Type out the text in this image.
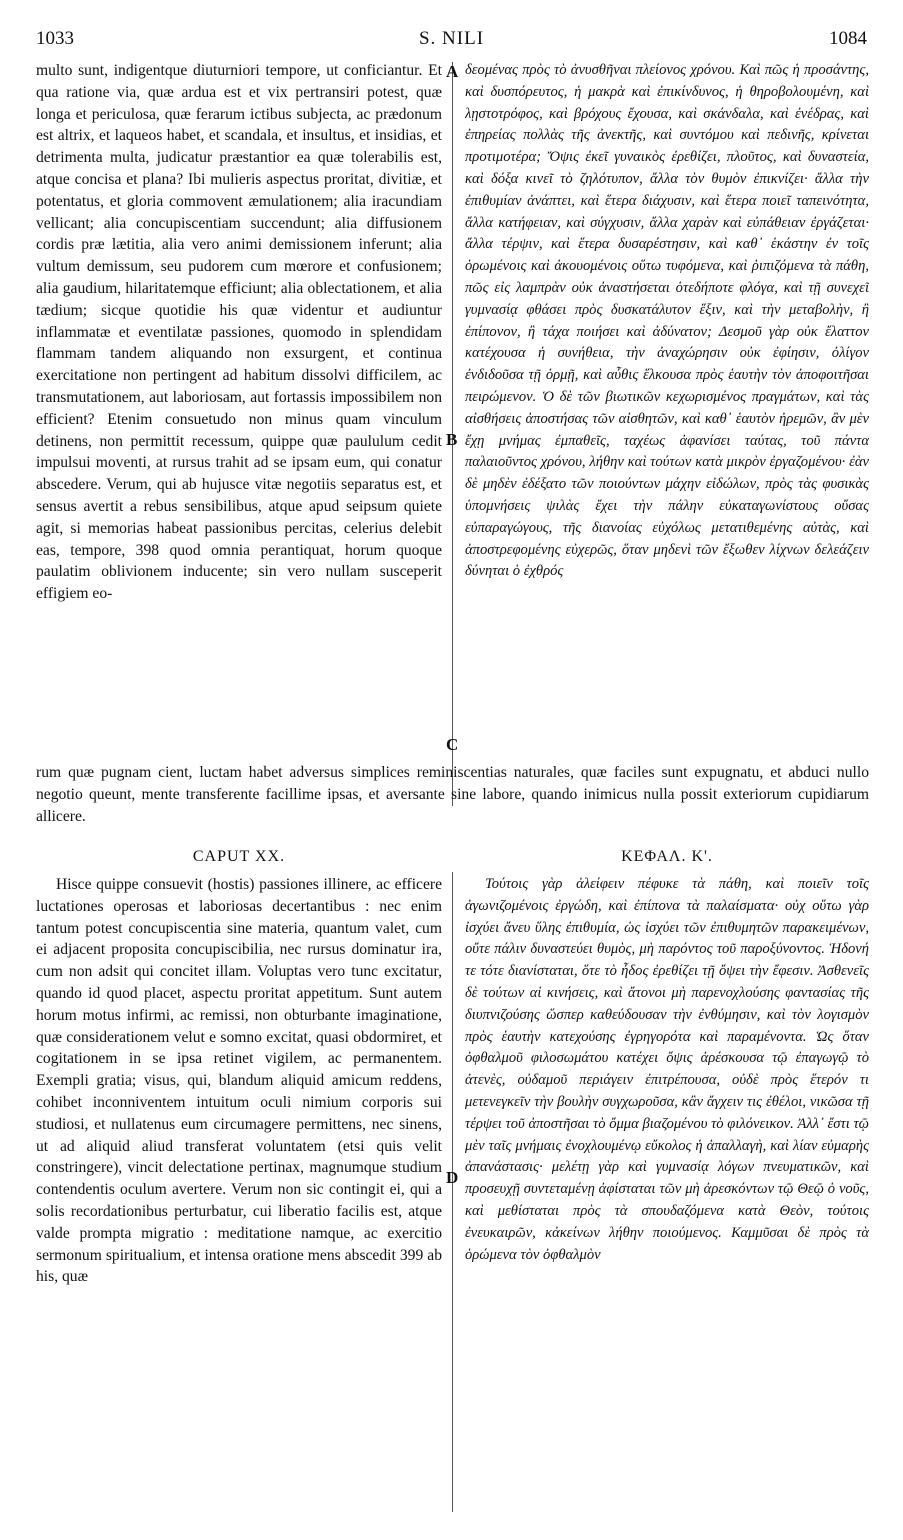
1033	S. NILI	1084
multo sunt, indigentque diuturniori tempore, ut conficiantur. Et qua ratione via, quæ ardua est et vix pertransiri potest, quæ longa et periculosa, quæ ferarum ictibus subjecta, ac prædonum est altrix, et laqueos habet, et scandala, et insultus, et insidias, et detrimenta multa, judicatur præstantior ea quæ tolerabilis est, atque concisa et plana? Ibi mulieris aspectus proritat, divitiæ, et potentatus, et gloria commovent æmulationem; alia iracundiam vellicant; alia concupiscentiam succendunt; alia diffusionem cordis præ lætitia, alia vero animi demissionem inferunt; alia vultum demissum, seu pudorem cum mœrore et confusionem; alia gaudium, hilaritatemque efficiunt; alia oblectationem, et alia tædium; sicque quotidie his quæ videntur et audiuntur inflammatæ et eventilatæ passiones, quomodo in splendidam flammam tandem aliquando non exsurgent, et continua exercitatione non pertingent ad habitum dissolvi difficilem, ac transmutationem, aut laboriosam, aut fortassis impossibilem non efficient? Etenim consuetudo non minus quam vinculum detinens, non permittit recessum, quippe quæ paululum cedit impulsui moventi, at rursus trahit ad se ipsam eum, qui conatur abscedere. Verum, qui ab hujusce vitæ negotiis separatus est, et sensus avertit a rebus sensibilibus, atque apud seipsum quiete agit, si memorias habeat passionibus percitas, celerius delebit eas, tempore, 398 quod omnia perantiquat, horum quoque paulatim oblivionem inducente; sin vero nullam susceperit effigiem eo-
δεομένας πρὸς τὸ ἀνυσθῆναι πλείονος χρόνου. Καὶ πῶς ἡ προσάντης, καὶ δυσπόρευτος, ἡ μακρὰ καὶ ἐπικίνδυνος, ἡ θηροβολουμένη, καὶ λῃστοτρόφος, καὶ βρόχους ἔχουσα, καὶ σκάνδαλα, καὶ ἐνέδρας, καὶ ἐπηρείας πολλὰς τῆς ἀνεκτῆς, καὶ συντόμου καὶ πεδινῆς, κρίνεται προτιμοτέρα; Ὄψις ἐκεῖ γυναικὸς ἐρεθίζει, πλοῦτος, καὶ δυναστεία, καὶ δόξα κινεῖ τὸ ζηλότυπον, ἄλλα τὸν θυμὸν ἐπικνίζει· ἄλλα τὴν ἐπιθυμίαν ἀνάπτει, καὶ ἕτερα διάχυσιν, καὶ ἕτερα ποιεῖ ταπεινότητα, ἄλλα κατήφειαν, καὶ σύγχυσιν, ἄλλα χαρὰν καὶ εὐπάθειαν ἐργάζεται· ἄλλα τέρψιν, καὶ ἕτερα δυσαρέστησιν, καὶ καθ᾽ ἑκάστην ἐν τοῖς ὁρωμένοις καὶ ἀκουομένοις οὕτω τυφόμενα, καὶ ῥιπιζόμενα τὰ πάθη, πῶς εἰς λαμπρὰν οὐκ ἀναστήσεται ὁτεδήποτε φλόγα, καὶ τῇ συνεχεῖ γυμνασίᾳ φθάσει πρὸς δυσκατάλυτον ἕξιν, καὶ τὴν μεταβολὴν, ἢ ἐπίπονον, ἢ τάχα ποιήσει καὶ ἀδύνατον; Δεσμοῦ γὰρ οὐκ ἔλαττον κατέχουσα ἡ συνήθεια, τὴν ἀναχώρησιν οὐκ ἐφίησιν, ὀλίγον ἐνδιδοῦσα τῇ ὁρμῇ, καὶ αὖθις ἕλκουσα πρὸς ἑαυτὴν τὸν ἀποφοιτῆσαι πειρώμενον. Ὁ δὲ τῶν βιωτικῶν κεχωρισμένος πραγμάτων, καὶ τὰς αἰσθήσεις ἀποστήσας τῶν αἰσθητῶν, καὶ καθ᾽ ἑαυτὸν ἠρεμῶν, ἂν μὲν ἔχῃ μνήμας ἐμπαθεῖς, ταχέως ἀφανίσει ταύτας, τοῦ πάντα παλαιοῦντος χρόνου, λήθην καὶ τούτων κατὰ μικρὸν ἐργαζομένου· ἐὰν δὲ μηδὲν ἐδέξατο τῶν ποιούντων μάχην εἰδώλων, πρὸς τὰς φυσικὰς ὑπομνήσεις ψιλὰς ἔχει τὴν πάλην εὐκαταγωνίστους οὔσας εὐπαραγώγους, τῆς διανοίας εὐχόλως μετατιθεμένης αὐτὰς, καὶ ἀποστρεφομένης εὐχερῶς, ὅταν μηδενὶ τῶν ἔξωθεν λίχνων δελεάζειν δύνηται ὁ ἐχθρός
A
B
C
rum quæ pugnam cient, luctam habet adversus simplices reminiscentias naturales, quæ faciles sunt expugnatu, et abduci nullo negotio queunt, mente transferente facillime ipsas, et aversante sine labore, quando inimicus nulla possit exteriorum cupidiarum allicere.
CAPUT XX.	ΚΕΦΑΛ. Κ'.
Hisce quippe consuevit (hostis) passiones illinere, ac efficere luctationes operosas et laboriosas decertantibus : nec enim tantum potest concupiscentia sine materia, quantum valet, cum ei adjacent proposita concupiscibilia, nec rursus dominatur ira, cum non adsit qui concitet illam. Voluptas vero tunc excitatur, quando id quod placet, aspectu proritat appetitum. Sunt autem horum motus infirmi, ac remissi, non obturbante imaginatione, quæ considerationem velut e somno excitat, quasi obdormiret, et cogitationem in se ipsa retinet vigilem, ac permanentem. Exempli gratia; visus, qui, blandum aliquid amicum reddens, cohibet inconniventem intuitum oculi nimium corporis sui studiosi, et nullatenus eum circumagere permittens, nec sinens, ut ad aliquid aliud transferat voluntatem (etsi quis velit constringere), vincit delectatione pertinax, magnumque studium contendentis oculum avertere. Verum non sic contingit ei, qui a solis recordationibus perturbatur, cui liberatio facilis est, atque valde prompta migratio : meditatione namque, ac exercitio sermonum spiritualium, et intensa oratione mens abscedit 399 ab his, quæ
Τούτοις γὰρ ἀλείφειν πέφυκε τὰ πάθη, καὶ ποιεῖν τοῖς ἀγωνιζομένοις ἐργώδη, καὶ ἐπίπονα τὰ παλαίσματα· οὐχ οὕτω γὰρ ἰσχύει ἄνευ ὕλης ἐπιθυμία, ὡς ἰσχύει τῶν ἐπιθυμητῶν παρακειμένων, οὔτε πάλιν δυναστεύει θυμὸς, μὴ παρόντος τοῦ παροξύνοντος. Ἡδονή τε τότε διανίσταται, ὅτε τὸ ἦδος ἐρεθίζει τῇ ὄψει τὴν ἔφεσιν. Ἀσθενεῖς δὲ τούτων αἱ κινήσεις, καὶ ἄτονοι μὴ παρενοχλούσης φαντασίας τῆς διυπνιζούσης ὥσπερ καθεύδουσαν τὴν ἐνθύμησιν, καὶ τὸν λογισμὸν πρὸς ἑαυτὴν κατεχούσης ἐγρηγορότα καὶ παραμένοντα. Ὡς ὅταν ὀφθαλμοῦ φιλοσωμάτου κατέχει ὄψις ἀρέσκουσα τῷ ἐπαγωγῷ τὸ ἀτενὲς, οὐδαμοῦ περιάγειν ἐπιτρέπουσα, οὐδὲ πρὸς ἕτερόν τι μετενεγκεῖν τὴν βουλὴν συγχωροῦσα, κἂν ἄγχειν τις ἐθέλοι, νικῶσα τῇ τέρψει τοῦ ἀποστῆσαι τὸ ὄμμα βιαζομένου τὸ φιλόνεικον. Ἀλλ᾽ ἔστι τῷ μὲν ταῖς μνήμαις ἐνοχλουμένῳ εὔκολος ἡ ἀπαλλαγὴ, καὶ λίαν εὐμαρὴς ἀπανάστασις· μελέτῃ γὰρ καὶ γυμνασίᾳ λόγων πνευματικῶν, καὶ προσευχῇ συντεταμένῃ ἀφίσταται τῶν μὴ ἀρεσκόντων τῷ Θεῷ ὁ νοῦς, καὶ μεθίσταται πρὸς τὰ σπουδαζόμενα κατὰ Θεὸν, τούτοις ἐνευκαιρῶν, κἀκείνων λήθην ποιούμενος. Καμμῦσαι δὲ πρὸς τὰ ὁρώμενα τὸν ὀφθαλμὸν
D
